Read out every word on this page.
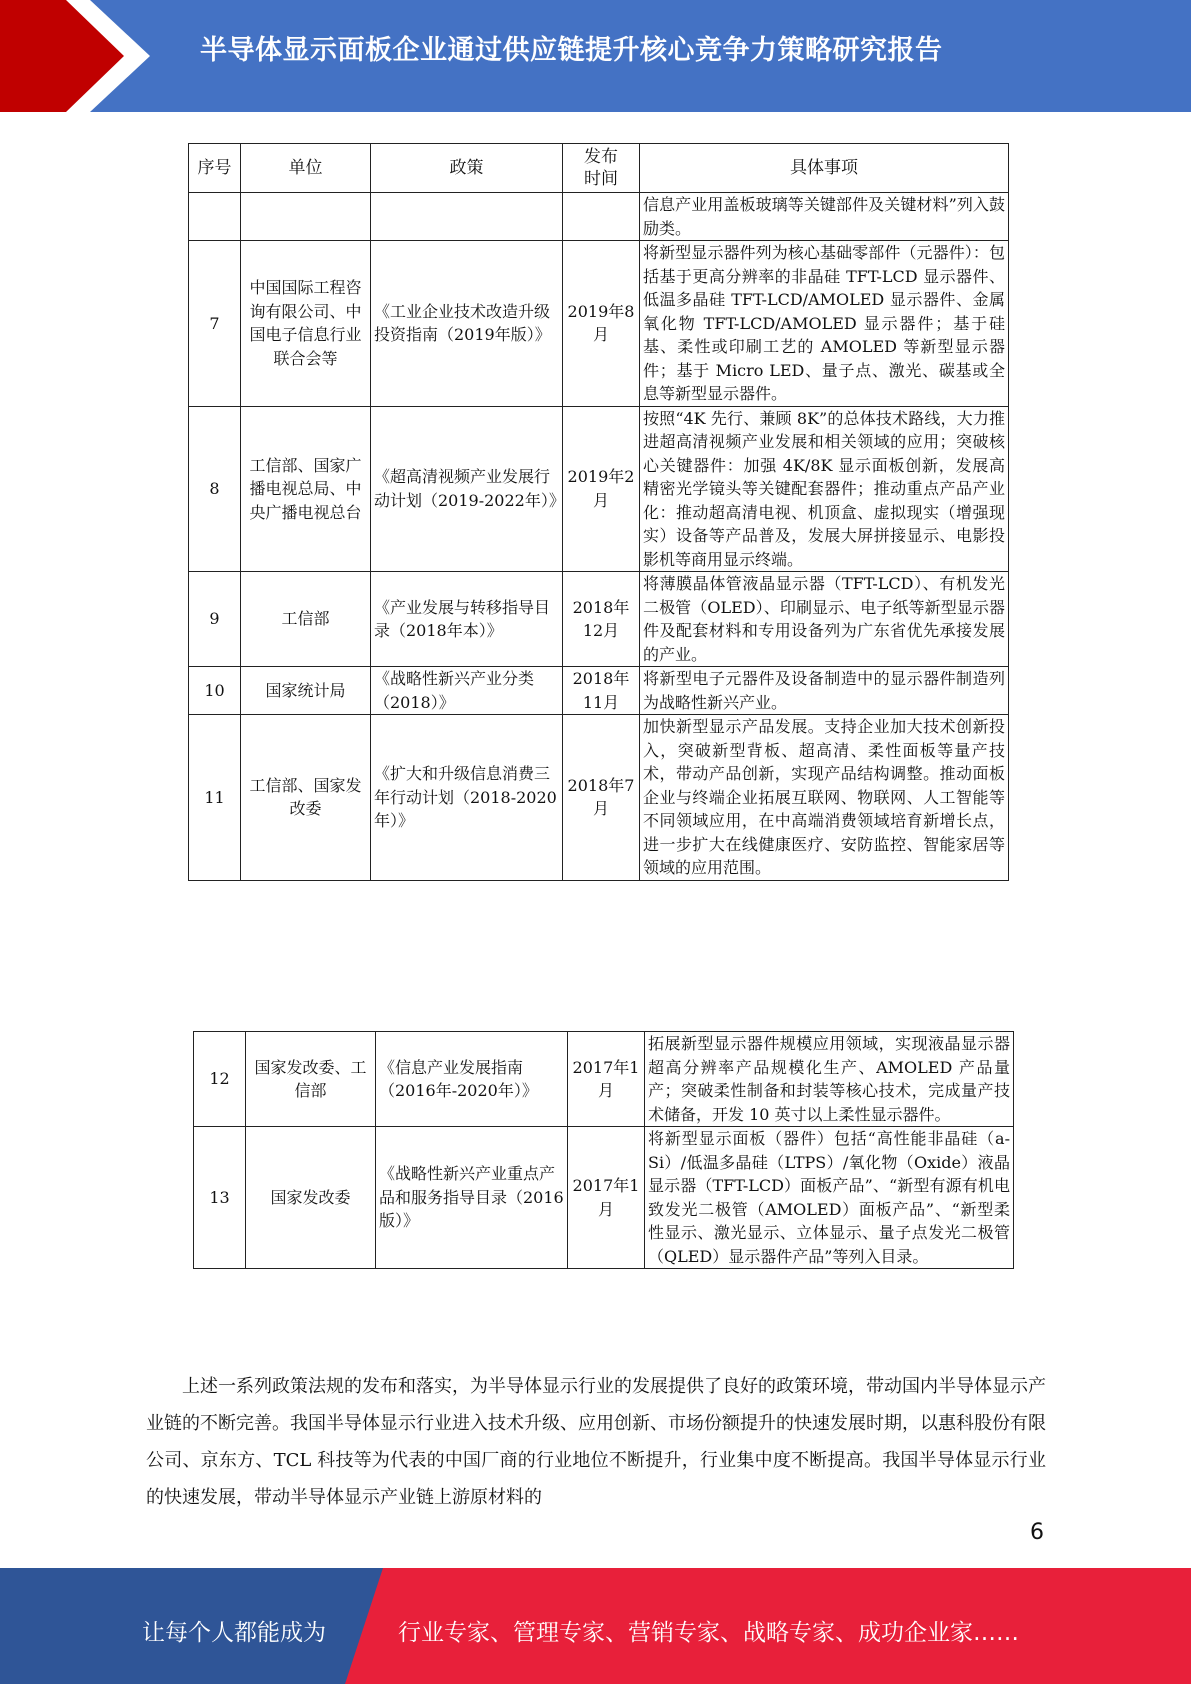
半导体显示面板企业通过供应链提升核心竞争力策略研究报告
序号	单位	政策	发布时间	具体事项
				信息产业用盖板玻璃等关键部件及关键材料”列入鼓励类。
7	中国国际工程咨询有限公司、中国电子信息行业联合会等	《工业企业技术改造升级投资指南（2019年版）》	2019年8月	将新型显示器件列为核心基础零部件（元器件）：包括基于更高分辨率的非晶硅 TFT-LCD 显示器件、低温多晶硅 TFT-LCD/AMOLED 显示器件、金属氧化物 TFT-LCD/AMOLED 显示器件；基于硅基、柔性或印刷工艺的 AMOLED 等新型显示器件；基于 Micro LED、量子点、激光、碳基或全息等新型显示器件。
8	工信部、国家广播电视总局、中央广播电视总台	《超高清视频产业发展行动计划（2019-2022年）》	2019年2月	按照“4K 先行、兼顾 8K”的总体技术路线，大力推进超高清视频产业发展和相关领域的应用；突破核心关键器件：加强 4K/8K 显示面板创新，发展高精密光学镜头等关键配套器件；推动重点产品产业化：推动超高清电视、机顶盒、虚拟现实（增强现实）设备等产品普及，发展大屏拼接显示、电影投影机等商用显示终端。
9	工信部	《产业发展与转移指导目录（2018年本）》	2018年12月	将薄膜晶体管液晶显示器（TFT-LCD）、有机发光二极管（OLED）、印刷显示、电子纸等新型显示器件及配套材料和专用设备列为广东省优先承接发展的产业。
10	国家统计局	《战略性新兴产业分类（2018）》	2018年11月	将新型电子元器件及设备制造中的显示器件制造列为战略性新兴产业。
11	工信部、国家发改委	《扩大和升级信息消费三年行动计划（2018-2020年）》	2018年7月	加快新型显示产品发展。支持企业加大技术创新投入，突破新型背板、超高清、柔性面板等量产技术，带动产品创新，实现产品结构调整。推动面板企业与终端企业拓展互联网、物联网、人工智能等不同领域应用，在中高端消费领域培育新增长点，进一步扩大在线健康医疗、安防监控、智能家居等领域的应用范围。
12	国家发改委、工信部	《信息产业发展指南（2016年-2020年）》	2017年1月	拓展新型显示器件规模应用领域，实现液晶显示器超高分辨率产品规模化生产、AMOLED 产品量产；突破柔性制备和封装等核心技术，完成量产技术储备，开发 10 英寸以上柔性显示器件。
13	国家发改委	《战略性新兴产业重点产品和服务指导目录（2016版）》	2017年1月	将新型显示面板（器件）包括“高性能非晶硅（a-Si）/低温多晶硅（LTPS）/氧化物（Oxide）液晶显示器（TFT-LCD）面板产品”、“新型有源有机电致发光二极管（AMOLED）面板产品”、“新型柔性显示、激光显示、立体显示、量子点发光二极管（QLED）显示器件产品”等列入目录。
上述一系列政策法规的发布和落实，为半导体显示行业的发展提供了良好的政策环境，带动国内半导体显示产业链的不断完善。我国半导体显示行业进入技术升级、应用创新、市场份额提升的快速发展时期，以惠科股份有限公司、京东方、TCL 科技等为代表的中国厂商的行业地位不断提升，行业集中度不断提高。我国半导体显示行业的快速发展，带动半导体显示产业链上游原材料的
6
让每个人都能成为	行业专家、管理专家、营销专家、战略专家、成功企业家……
